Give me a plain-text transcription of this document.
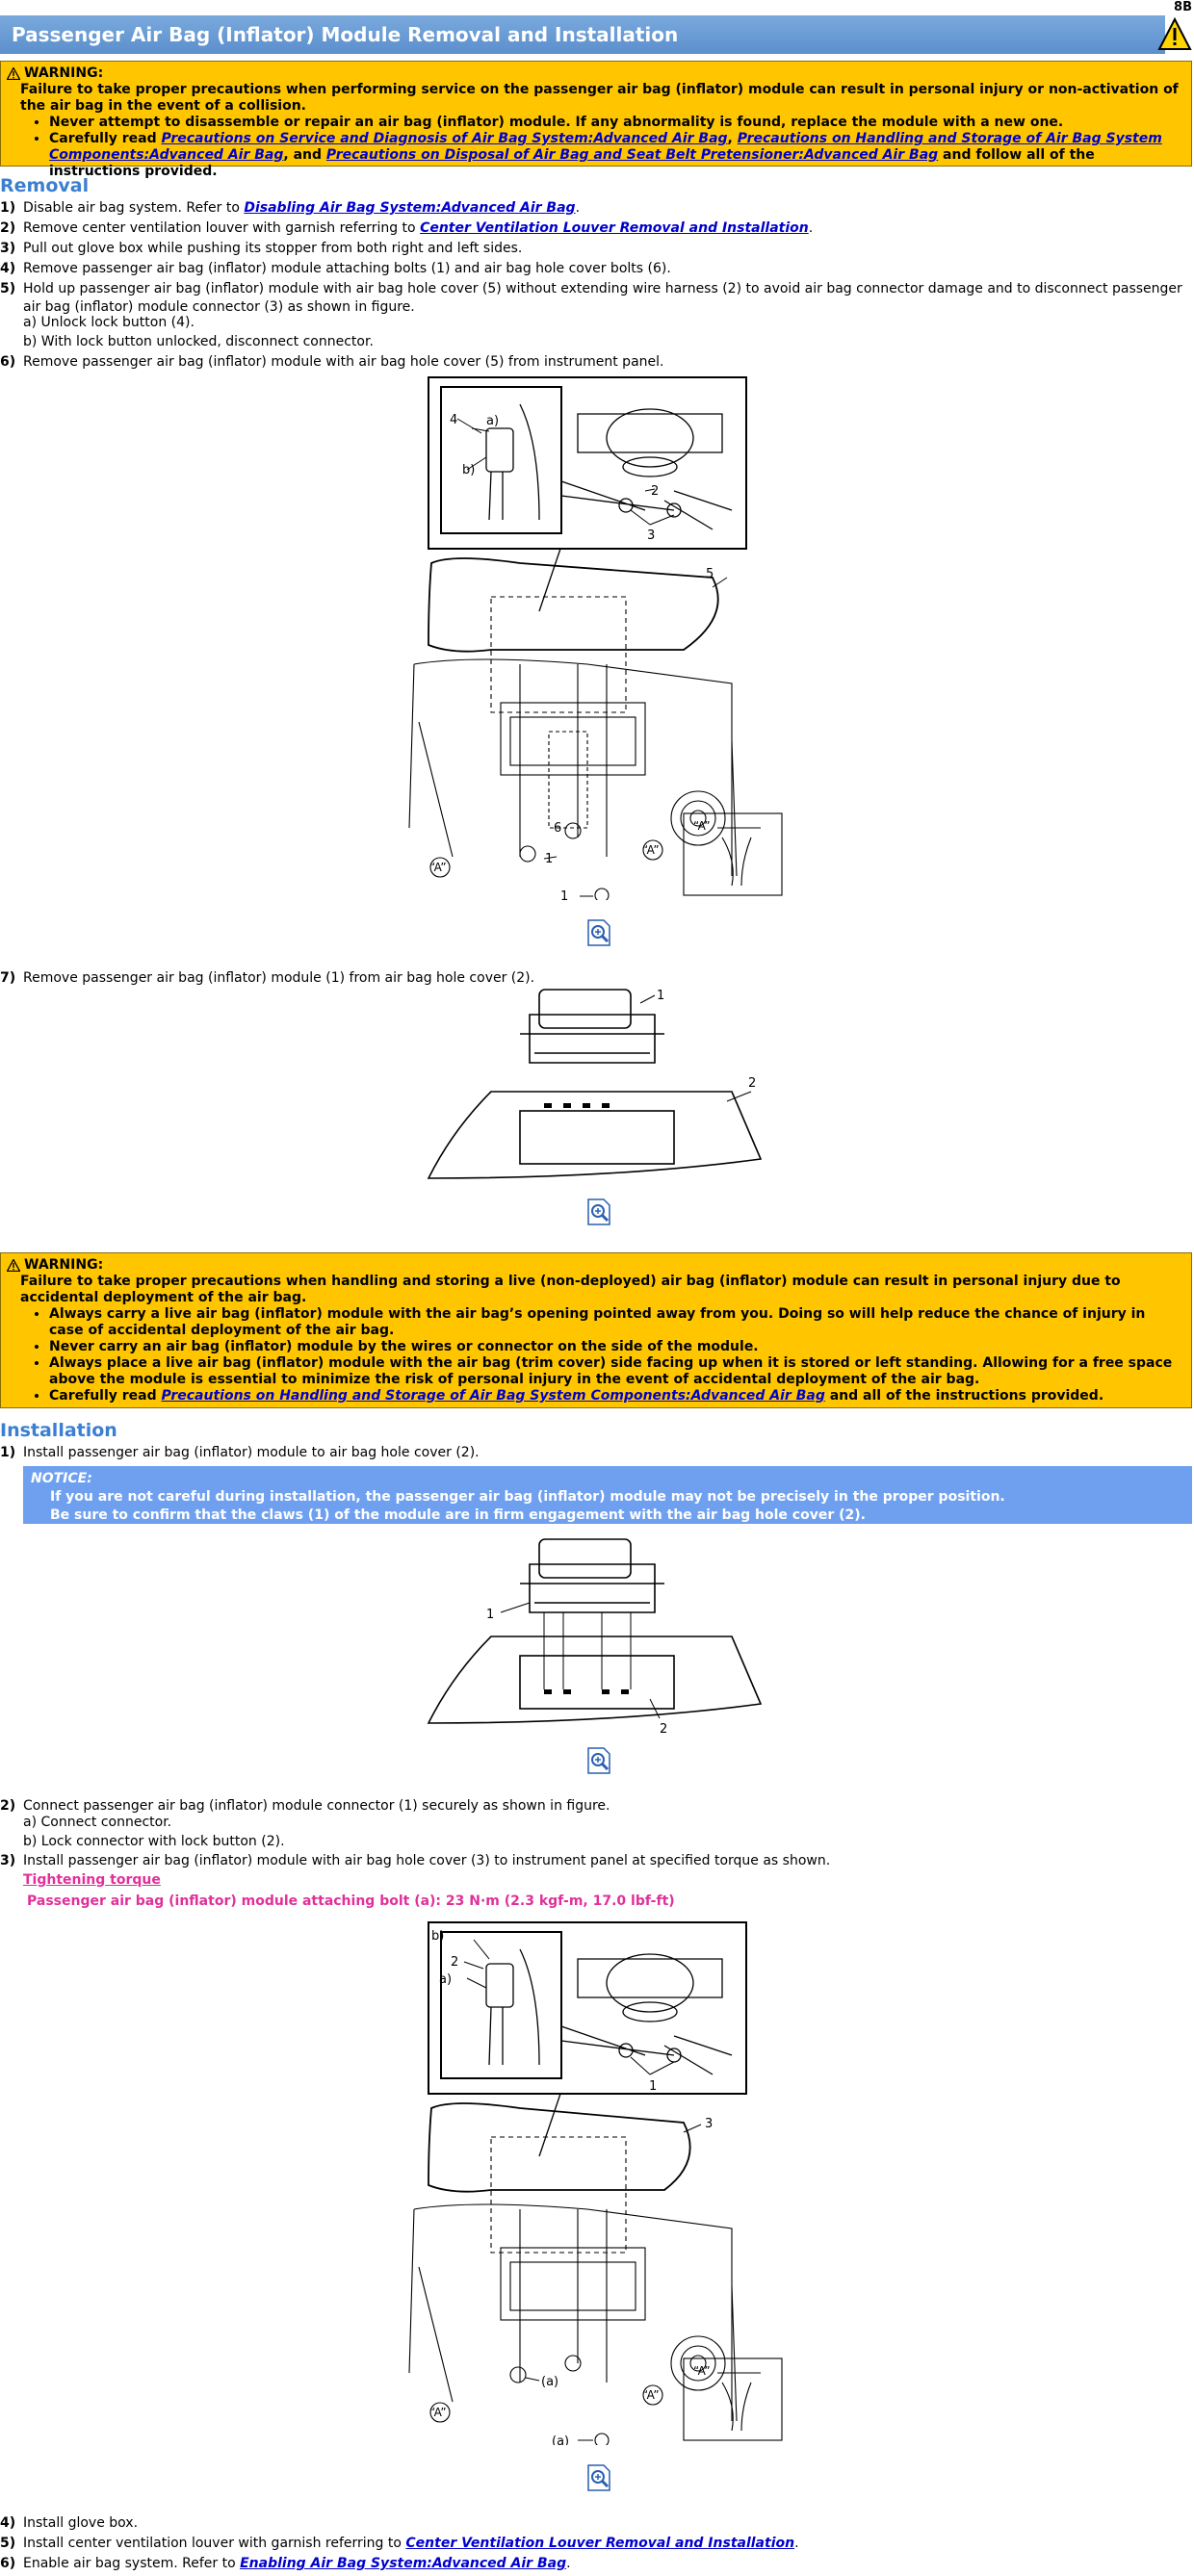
8B
Passenger Air Bag (Inflator) Module Removal and Installation
WARNING:
Failure to take proper precautions when performing service on the passenger air bag (inflator) module can result in personal injury or non-activation of the air bag in the event of a collision.
• Never attempt to disassemble or repair an air bag (inflator) module. If any abnormality is found, replace the module with a new one.
• Carefully read Precautions on Service and Diagnosis of Air Bag System:Advanced Air Bag, Precautions on Handling and Storage of Air Bag System Components:Advanced Air Bag, and Precautions on Disposal of Air Bag and Seat Belt Pretensioner:Advanced Air Bag and follow all of the instructions provided.
Removal
1) Disable air bag system. Refer to Disabling Air Bag System:Advanced Air Bag.
2) Remove center ventilation louver with garnish referring to Center Ventilation Louver Removal and Installation.
3) Pull out glove box while pushing its stopper from both right and left sides.
4) Remove passenger air bag (inflator) module attaching bolts (1) and air bag hole cover bolts (6).
5) Hold up passenger air bag (inflator) module with air bag hole cover (5) without extending wire harness (2) to avoid air bag connector damage and to disconnect passenger air bag (inflator) module connector (3) as shown in figure.
a) Unlock lock button (4).
b) With lock button unlocked, disconnect connector.
6) Remove passenger air bag (inflator) module with air bag hole cover (5) from instrument panel.
4 a)
b)
2
3
5
6
1
1
“A”
“A”
“A”
7) Remove passenger air bag (inflator) module (1) from air bag hole cover (2).
1
2
WARNING:
Failure to take proper precautions when handling and storing a live (non-deployed) air bag (inflator) module can result in personal injury due to accidental deployment of the air bag.
• Always carry a live air bag (inflator) module with the air bag’s opening pointed away from you. Doing so will help reduce the chance of injury in case of accidental deployment of the air bag.
• Never carry an air bag (inflator) module by the wires or connector on the side of the module.
• Always place a live air bag (inflator) module with the air bag (trim cover) side facing up when it is stored or left standing. Allowing for a free space above the module is essential to minimize the risk of personal injury in the event of accidental deployment of the air bag.
• Carefully read Precautions on Handling and Storage of Air Bag System Components:Advanced Air Bag and all of the instructions provided.
Installation
1) Install passenger air bag (inflator) module to air bag hole cover (2).
NOTICE:
If you are not careful during installation, the passenger air bag (inflator) module may not be precisely in the proper position.
Be sure to confirm that the claws (1) of the module are in firm engagement with the air bag hole cover (2).
1
2
2) Connect passenger air bag (inflator) module connector (1) securely as shown in figure.
a) Connect connector.
b) Lock connector with lock button (2).
3) Install passenger air bag (inflator) module with air bag hole cover (3) to instrument panel at specified torque as shown.
Tightening torque
Passenger air bag (inflator) module attaching bolt (a): 23 N·m (2.3 kgf-m, 17.0 lbf-ft)
2
b)
a)
1
3
(a)
(a)
“A”
“A”
“A”
4) Install glove box.
5) Install center ventilation louver with garnish referring to Center Ventilation Louver Removal and Installation.
6) Enable air bag system. Refer to Enabling Air Bag System:Advanced Air Bag.
